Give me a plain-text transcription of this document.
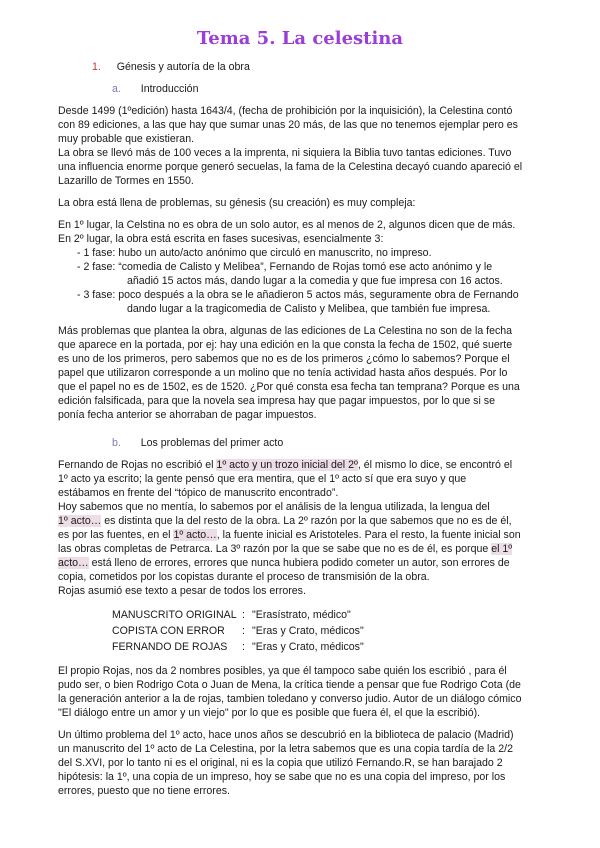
Tema 5. La celestina
1. Génesis y autoría de la obra
a. Introducción

Desde 1499 (1ºedición) hasta 1643/4, (fecha de prohibición por la inquisición), la Celestina contó

con 89 ediciones, a las que hay que sumar unas 20 más, de las que no tenemos ejemplar pero es

muy probable que existieran.

La obra se llevó más de 100 veces a la imprenta, ni siquiera la Biblia tuvo tantas ediciones. Tuvo

una influencia enorme porque generó secuelas, la fama de la Celestina decayó cuando apareció el

Lazarillo de Tormes en 1550.

La obra está llena de problemas, su génesis (su creación) es muy compleja:

En 1º lugar, la Celstina no es obra de un solo autor, es al menos de 2, algunos dicen que de más.

En 2º lugar, la obra está escrita en fases sucesivas, esencialmente 3:

- 1 fase: hubo un auto/acto anónimo que circuló en manuscrito, no impreso.

- 2 fase: “comedia de Calisto y Melibea”, Fernando de Rojas tomó ese acto anónimo y le

añadió 15 actos más, dando lugar a la comedia y que fue impresa con 16 actos.

- 3 fase: poco después a la obra se le añadieron 5 actos más, seguramente obra de Fernando

dando lugar a la tragicomedia de Calisto y Melibea, que también fue impresa.

Más problemas que plantea la obra, algunas de las ediciones de La Celestina no son de la fecha

que aparece en la portada, por ej: hay una edición en la que consta la fecha de 1502, qué suerte

es uno de los primeros, pero sabemos que no es de los primeros ¿cómo lo sabemos? Porque el

papel que utilizaron corresponde a un molino que no tenía actividad hasta años después. Por lo

que el papel no es de 1502, es de 1520. ¿Por qué consta esa fecha tan temprana? Porque es una

edición falsificada, para que la novela sea impresa hay que pagar impuestos, por lo que si se

ponía fecha anterior se ahorraban de pagar impuestos.

b. Los problemas del primer acto

Fernando de Rojas no escribió el 1º acto y un trozo inicial del 2º, él mismo lo dice, se encontró el

1º acto ya escrito; la gente pensó que era mentira, que el 1º acto sí que era suyo y que

estábamos en frente del “tópico de manuscrito encontrado”.

Hoy sabemos que no mentía, lo sabemos por el análisis de la lengua utilizada, la lengua del

1º acto… es distinta que la del resto de la obra. La 2º razón por la que sabemos que no es de él,

es por las fuentes, en el 1º acto…, la fuente inicial es Aristoteles. Para el resto, la fuente inicial son

las obras completas de Petrarca. La 3º razón por la que se sabe que no es de él, es porque el 1º

acto… está lleno de errores, errores que nunca hubiera podido cometer un autor, son errores de

copia, cometidos por los copistas durante el proceso de transmisión de la obra.

Rojas asumió ese texto a pesar de todos los errores.

MANUSCRITO ORIGINAL : "Erasístrato, médico"
COPISTA CON ERROR : "Eras y Crato, médicos"
FERNANDO DE ROJAS : "Eras y Crato, médicos"

El propio Rojas, nos da 2 nombres posibles, ya que él tampoco sabe quién los escribió , para él

pudo ser, o bien Rodrigo Cota o Juan de Mena, la crítica tiende a pensar que fue Rodrigo Cota (de

la generación anterior a la de rojas, tambien toledano y converso judio. Autor de un diálogo cómico

"El diálogo entre un amor y un viejo" por lo que es posible que fuera él, el que la escribió).

Un último problema del 1º acto, hace unos años se descubrió en la biblioteca de palacio (Madrid)

un manuscrito del 1º acto de La Celestina, por la letra sabemos que es una copia tardía de la 2/2

del S.XVI, por lo tanto ni es el original, ni es la copia que utilizó Fernando.R, se han barajado 2

hipótesis: la 1º, una copia de un impreso, hoy se sabe que no es una copia del impreso, por los

errores, puesto que no tiene errores.
